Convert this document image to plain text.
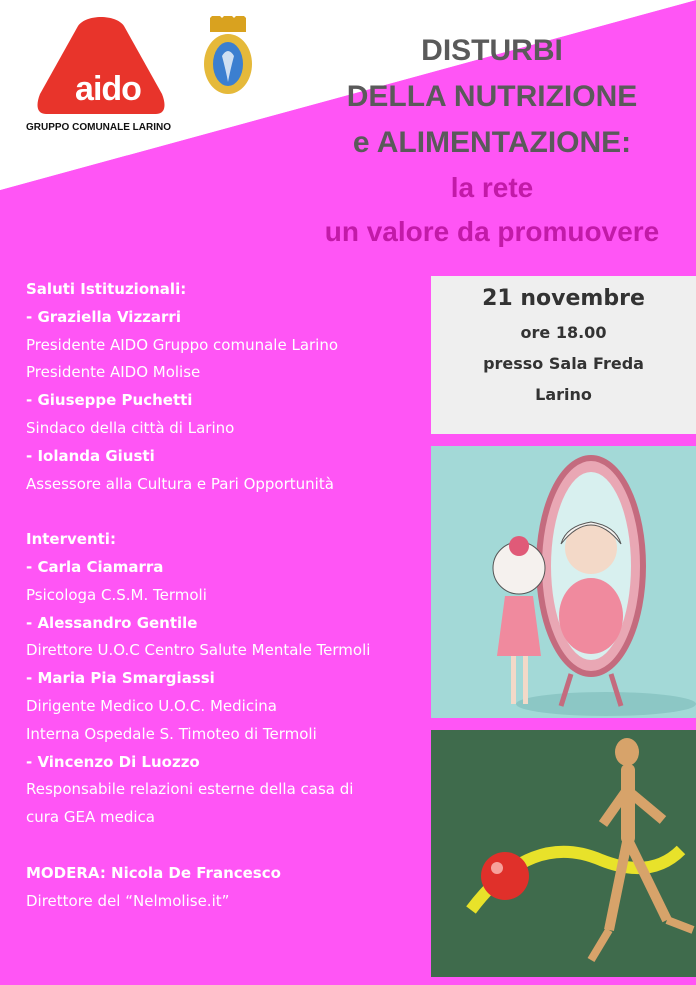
aido
GRUPPO COMUNALE LARINO
DISTURBI
DELLA NUTRIZIONE
e ALIMENTAZIONE:
la rete
un valore da promuovere
Saluti Istituzionali:
- Graziella Vizzarri
Presidente AIDO Gruppo comunale Larino
Presidente AIDO Molise
- Giuseppe Puchetti
Sindaco della città di Larino
- Iolanda Giusti
Assessore alla Cultura e Pari Opportunità
Interventi:
- Carla Ciamarra
Psicologa C.S.M. Termoli
- Alessandro Gentile
Direttore U.O.C Centro Salute Mentale Termoli
- Maria Pia Smargiassi
Dirigente Medico U.O.C. Medicina
Interna Ospedale S. Timoteo di Termoli
- Vincenzo Di Luozzo
Responsabile relazioni esterne della casa di
cura GEA medica
MODERA: Nicola De Francesco
Direttore del “Nelmolise.it”
21 novembre
ore 18.00
presso Sala Freda
Larino
